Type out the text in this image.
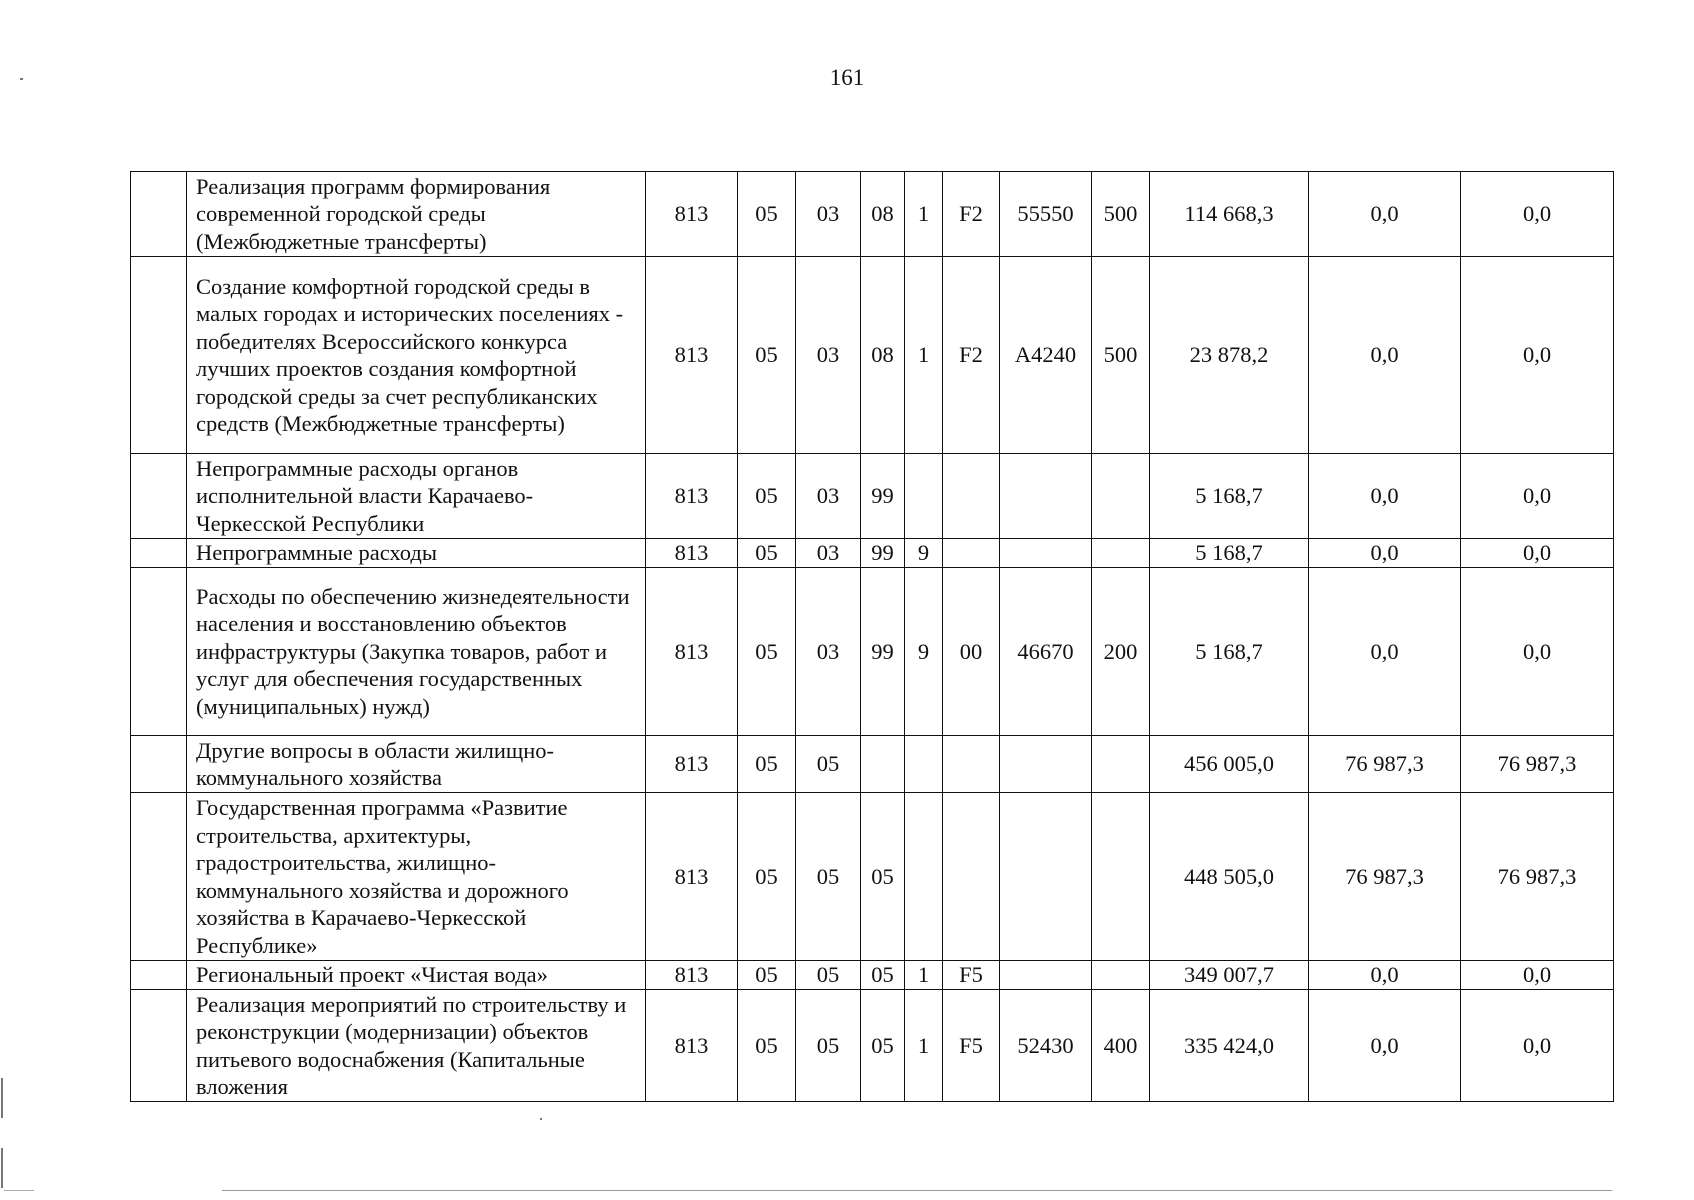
161
	Реализация программ формирования современной городской среды (Межбюджетные трансферты)	813	05	03	08	1	F2	55550	500	114 668,3	0,0	0,0
	Создание комфортной городской среды в малых городах и исторических поселениях - победителях Всероссийского конкурса лучших проектов создания комфортной городской среды за счет республиканских средств (Межбюджетные трансферты)	813	05	03	08	1	F2	А4240	500	23 878,2	0,0	0,0
	Непрограммные расходы органов исполнительной власти Карачаево-Черкесской Республики	813	05	03	99					5 168,7	0,0	0,0
	Непрограммные расходы	813	05	03	99	9				5 168,7	0,0	0,0
	Расходы по обеспечению жизнедеятельности населения и восстановлению объектов инфраструктуры (Закупка товаров, работ и услуг для обеспечения государственных (муниципальных) нужд)	813	05	03	99	9	00	46670	200	5 168,7	0,0	0,0
	Другие вопросы в области жилищно-коммунального хозяйства	813	05	05						456 005,0	76 987,3	76 987,3
	Государственная программа «Развитие строительства, архитектуры, градостроительства, жилищно-коммунального хозяйства и дорожного хозяйства в Карачаево-Черкесской Республике»	813	05	05	05					448 505,0	76 987,3	76 987,3
	Региональный проект «Чистая вода»	813	05	05	05	1	F5			349 007,7	0,0	0,0
	Реализация мероприятий по строительству и реконструкции (модернизации) объектов питьевого водоснабжения (Капитальные вложения	813	05	05	05	1	F5	52430	400	335 424,0	0,0	0,0
